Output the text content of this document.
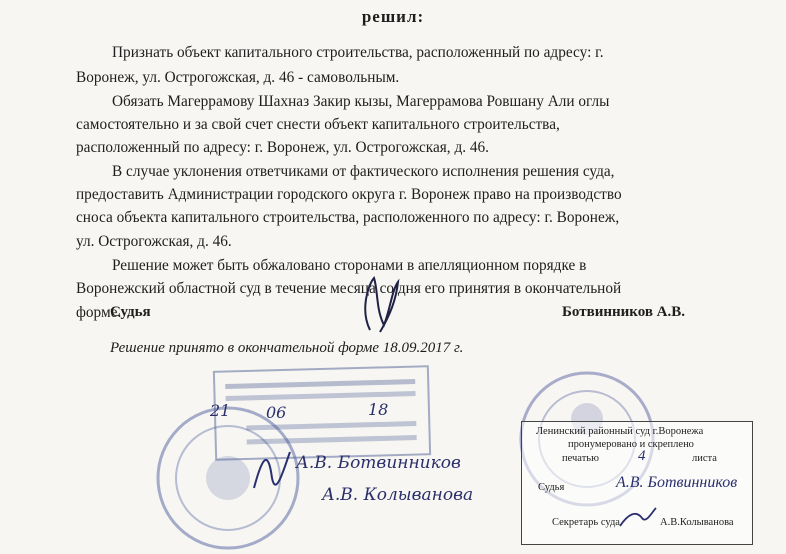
решил:
Признать объект капитального строительства, расположенный по адресу: г.
Воронеж, ул. Острогожская, д. 46 - самовольным.
Обязать Магеррамову Шахназ Закир кызы, Магеррамова Ровшану Али оглы
самостоятельно и за свой счет снести объект капитального строительства,
расположенный по адресу: г. Воронеж, ул. Острогожская, д. 46.
В случае уклонения ответчиками от фактического исполнения решения суда,
предоставить Администрации городского округа г. Воронеж право на производство
сноса объекта капитального строительства, расположенного по адресу: г. Воронеж,
ул. Острогожская, д. 46.
Решение может быть обжаловано сторонами в апелляционном порядке в
Воронежский областной суд в течение месяца со дня его принятия в окончательной
форме.
Судья	Ботвинников А.В.
Решение принято в окончательной форме 18.09.2017 г.
21 06	18
А.В. Ботвинников
А.В. Колыванова
Ленинский районный суд г.Воронежа
пронумеровано и скреплено
печатью	4	листа
Судья	А.В. Ботвинников
Секретарь суда	А.В.Колыванова
